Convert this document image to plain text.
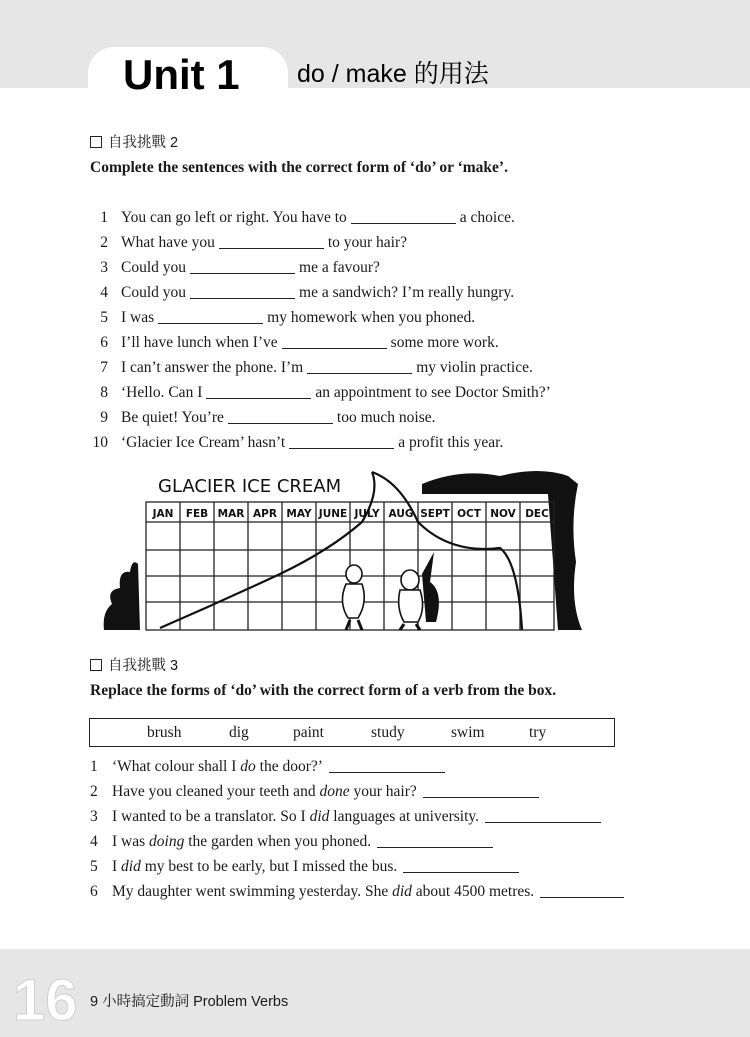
Unit 1 do / make 的用法
自我挑戰 2
Complete the sentences with the correct form of ‘do’ or ‘make’.
1 You can go left or right. You have to	a choice.
2 What have you	to your hair?
3 Could you	me a favour?
4 Could you	me a sandwich? I’m really hungry.
5 I was	my homework when you phoned.
6 I’ll have lunch when I’ve	some more work.
7 I can’t answer the phone. I’m	my violin practice.
8 ‘Hello. Can I	an appointment to see Doctor Smith?’
9 Be quiet! You’re	too much noise.
10 ‘Glacier Ice Cream’ hasn’t	a profit this year.
GLACIER ICE CREAM
JAN FEB MAR APR MAY JUNE JULY AUG SEPT OCT NOV DEC
自我挑戰 3
Replace the forms of ‘do’ with the correct form of a verb from the box.
brush	dig	paint	study	swim	try
1 ‘What colour shall I do the door?’
2 Have you cleaned your teeth and done your hair?
3 I wanted to be a translator. So I did languages at university.
4 I was doing the garden when you phoned.
5 I did my best to be early, but I missed the bus.
6 My daughter went swimming yesterday. She did about 4500 metres.
16 9 小時搞定動詞 Problem Verbs
